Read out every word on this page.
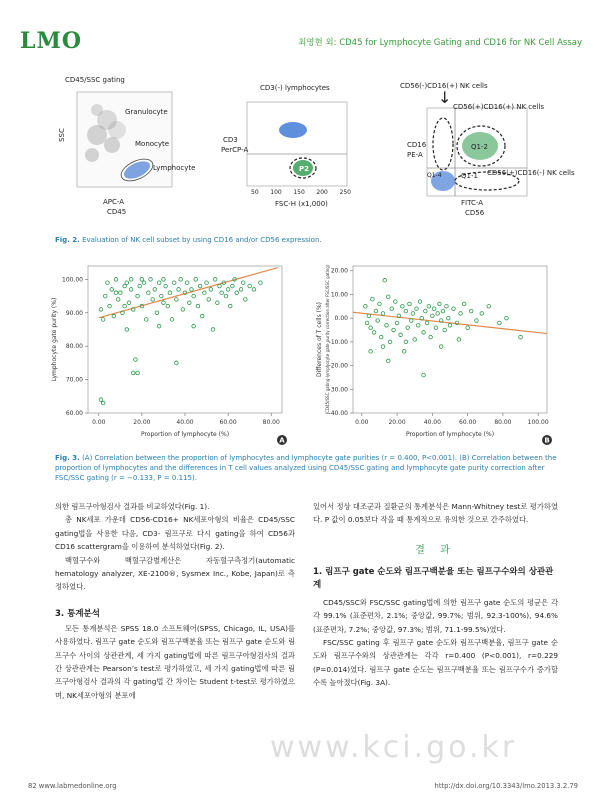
LMO	최영현 외: CD45 for Lymphocyte Gating and CD16 for NK Cell Assay
CD45/SSC gating
SSC
Granulocyte
Monocyte
Lymphocyte
APC-A
CD45
CD3(-) lymphocytes
CD3
PerCP-A
P2
50 100 150 200 250
FSC-H (x1,000)
CD56(-)CD16(+) NK cells
↓ CD56(+)CD16(+) NK cells
CD56(+)CD16(-) NK cells
Q1-2
Q1-4	Q1-1
CD16
PE-A
FITC-A
CD56
Fig. 2. Evaluation of NK cell subset by using CD16 and/or CD56 expression.
60.00
70.00
80.00
90.00
100.00
0.00	20.00	40.00	60.00	80.00
Proportion of lymphocyte (%)
Lymphocyte gate purity (%)
A
-40.00
-30.00
-20.00
-10.00
0.00
10.00
20.00
0.00	20.00	40.00	60.00	80.00	100.00
Proportion of lymphocyte (%)
Differences of T cells (%) (CD45/SSC gating-lymphocyte gate purity correction after FSC/SSC gating)
B
Fig. 3. (A) Correlation between the proportion of lymphocytes and lymphocyte gate purities (r = 0.400, P<0.001). (B) Correlation between the proportion of lymphocytes and the differences in T cell values analyzed using CD45/SSC gating and lymphocyte gate purity correction after FSC/SSC gating (r = −0.133, P = 0.115).
의한 림프구아형검사 결과를 비교하였다(Fig. 1).
총 NK세포 가운데 CD56-CD16+ NK세포아형의 비율은 CD45/SSC gating법을 사용한 다음, CD3- 림프구로 다시 gating을 하여 CD56과 CD16 scattergram을 이용하여 분석하였다(Fig. 2).
백혈구수와 백혈구감별계산은 자동혈구측정기(automatic hematology analyzer, XE-2100®, Sysmex Inc., Kobe, Japan)로 측정하였다.
3. 통계분석
모든 통계분석은 SPSS 18.0 소프트웨어(SPSS, Chicago, IL, USA)를 사용하였다. 림프구 gate 순도와 림프구백분율 또는 림프구 gate 순도와 림프구수 사이의 상관관계, 세 가지 gating법에 따른 림프구아형검사의 결과 간 상관관계는 Pearson’s test로 평가하였고, 세 가지 gating법에 따른 림프구아형검사 결과의 각 gating법 간 차이는 Student t-test로 평가하였으며, NK세포아형의 분포에
있어서 정상 대조군과 질환군의 통계분석은 Mann-Whitney test로 평가하였다. P 값이 0.05보다 작을 때 통계적으로 유의한 것으로 간주하였다.
결 과
1. 림프구 gate 순도와 림프구백분율 또는 림프구수와의 상관관계
CD45/SSC와 FSC/SSC gating법에 의한 림프구 gate 순도의 평균은 각각 99.1% (표준편차, 2.1%; 중앙값, 99.7%; 범위, 92.3-100%), 94.6% (표준편차, 7.2%; 중앙값, 97.3%; 범위, 71.1-99.5%)였다.
FSC/SSC gating 후 림프구 gate 순도와 림프구백분율, 림프구 gate 순도와 림프구수와의 상관관계는 각각 r=0.400 (P<0.001), r=0.229 (P=0.014)였다. 림프구 gate 순도는 림프구백분율 또는 림프구수가 증가할수록 높아졌다(Fig. 3A).
www.kci.go.kr
82 www.labmedonline.org	http://dx.doi.org/10.3343/lmo.2013.3.2.79
